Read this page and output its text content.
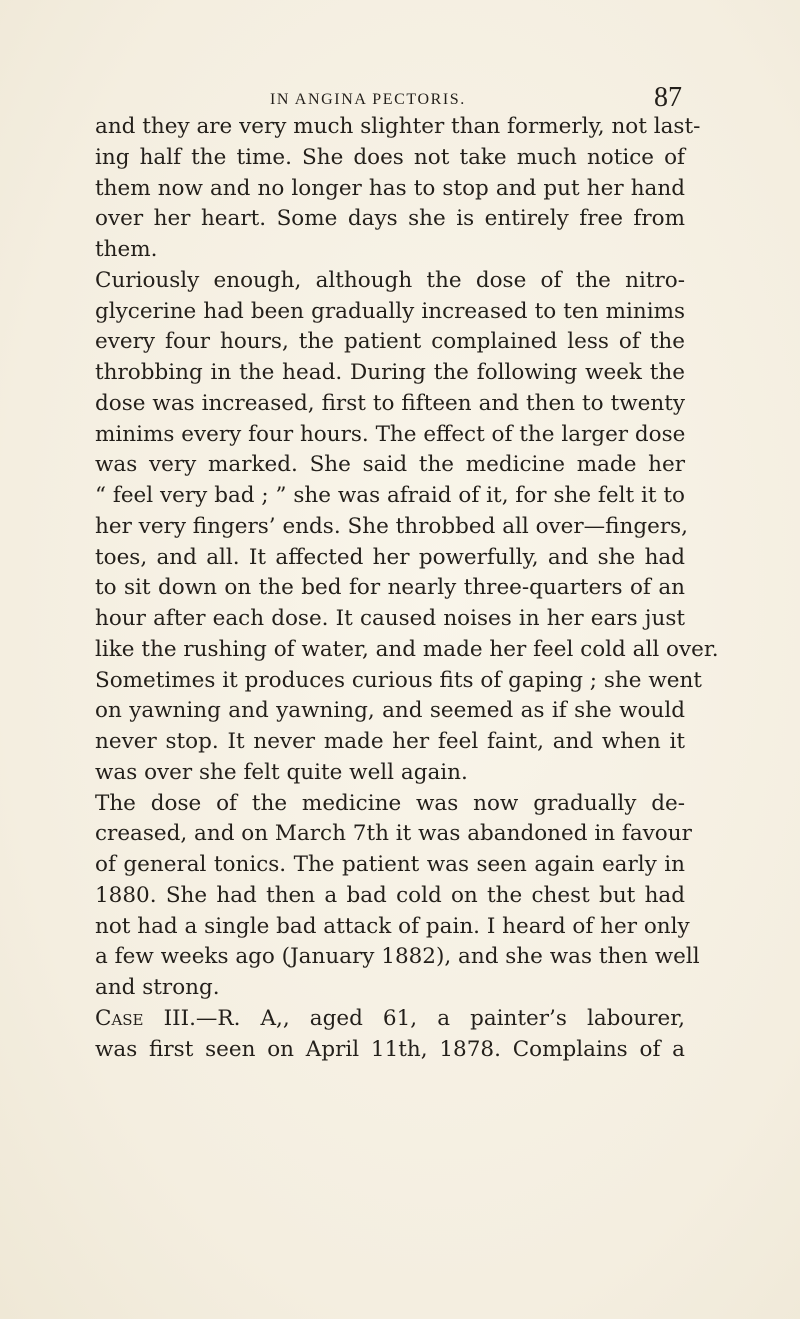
IN ANGINA PECTORIS.	87
and they are very much slighter than formerly, not last-
ing half the time. She does not take much notice of
them now and no longer has to stop and put her hand
over her heart. Some days she is entirely free from
them.
Curiously enough, although the dose of the nitro-
glycerine had been gradually increased to ten minims
every four hours, the patient complained less of the
throbbing in the head. During the following week the
dose was increased, first to fifteen and then to twenty
minims every four hours. The effect of the larger dose
was very marked. She said the medicine made her
“ feel very bad ; ” she was afraid of it, for she felt it to
her very fingers’ ends. She throbbed all over—fingers,
toes, and all. It affected her powerfully, and she had
to sit down on the bed for nearly three-quarters of an
hour after each dose. It caused noises in her ears just
like the rushing of water, and made her feel cold all over.
Sometimes it produces curious fits of gaping ; she went
on yawning and yawning, and seemed as if she would
never stop. It never made her feel faint, and when it
was over she felt quite well again.
The dose of the medicine was now gradually de-
creased, and on March 7th it was abandoned in favour
of general tonics. The patient was seen again early in
1880. She had then a bad cold on the chest but had
not had a single bad attack of pain. I heard of her only
a few weeks ago (January 1882), and she was then well
and strong.
Case III.—R. A,, aged 61, a painter’s labourer,
was first seen on April 11th, 1878. Complains of a
